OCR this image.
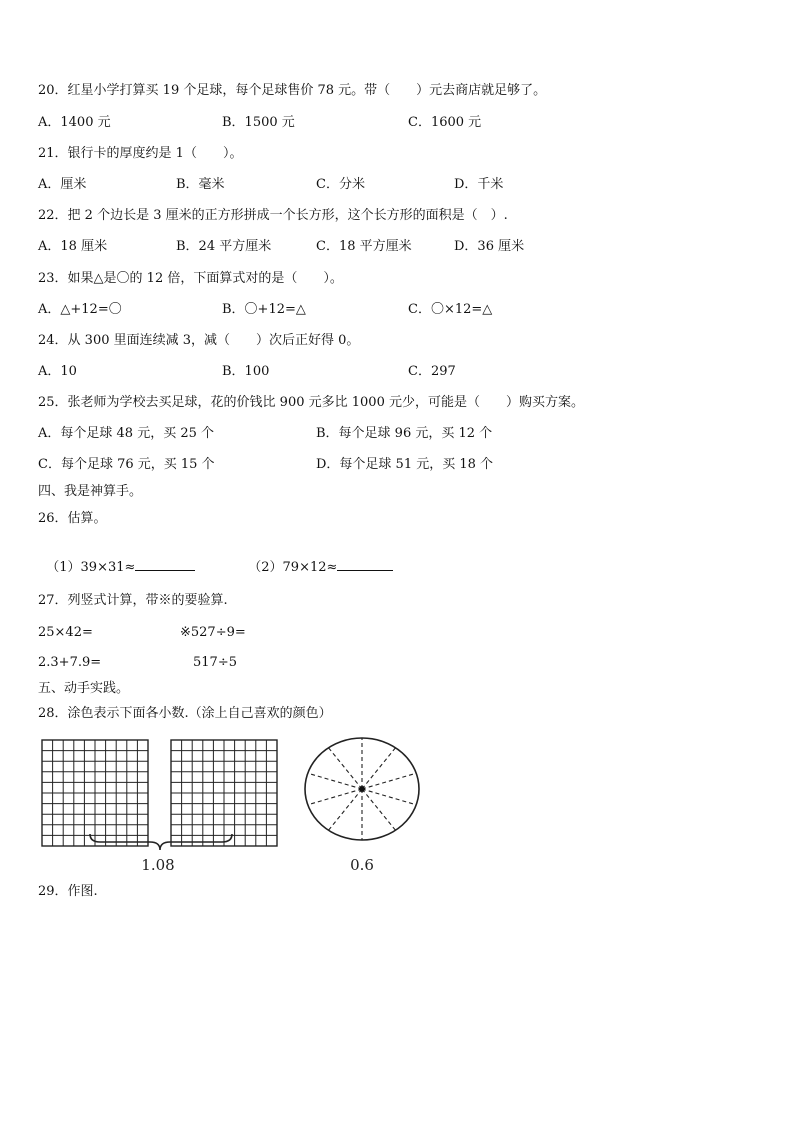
20．红星小学打算买 19 个足球，每个足球售价 78 元。带（　　）元去商店就足够了。
A．1400 元	B．1500 元	C．1600 元
21．银行卡的厚度约是 1（　　）。
A．厘米	B．毫米	C．分米	D．千米
22．把 2 个边长是 3 厘米的正方形拼成一个长方形，这个长方形的面积是（　）.
A．18 厘米	B．24 平方厘米	C．18 平方厘米	D．36 厘米
23．如果△是〇的 12 倍，下面算式对的是（　　）。
A．△+12=〇	B．〇+12=△	C．〇×12=△
24．从 300 里面连续减 3，减（　　）次后正好得 0。
A．10	B．100	C．297
25．张老师为学校去买足球，花的价钱比 900 元多比 1000 元少，可能是（　　）购买方案。
A．每个足球 48 元，买 25 个	B．每个足球 96 元，买 12 个
C．每个足球 76 元，买 15 个	D．每个足球 51 元，买 18 个
四、我是神算手。
26．估算。

（1）39×31≈	（2）79×12≈

27．列竖式计算，带※的要验算.
25×42=	※527÷9=
2.3+7.9=	517÷5
五、动手实践。
28．涂色表示下面各小数.（涂上自己喜欢的颜色）
1.08	0.6
29．作图.
